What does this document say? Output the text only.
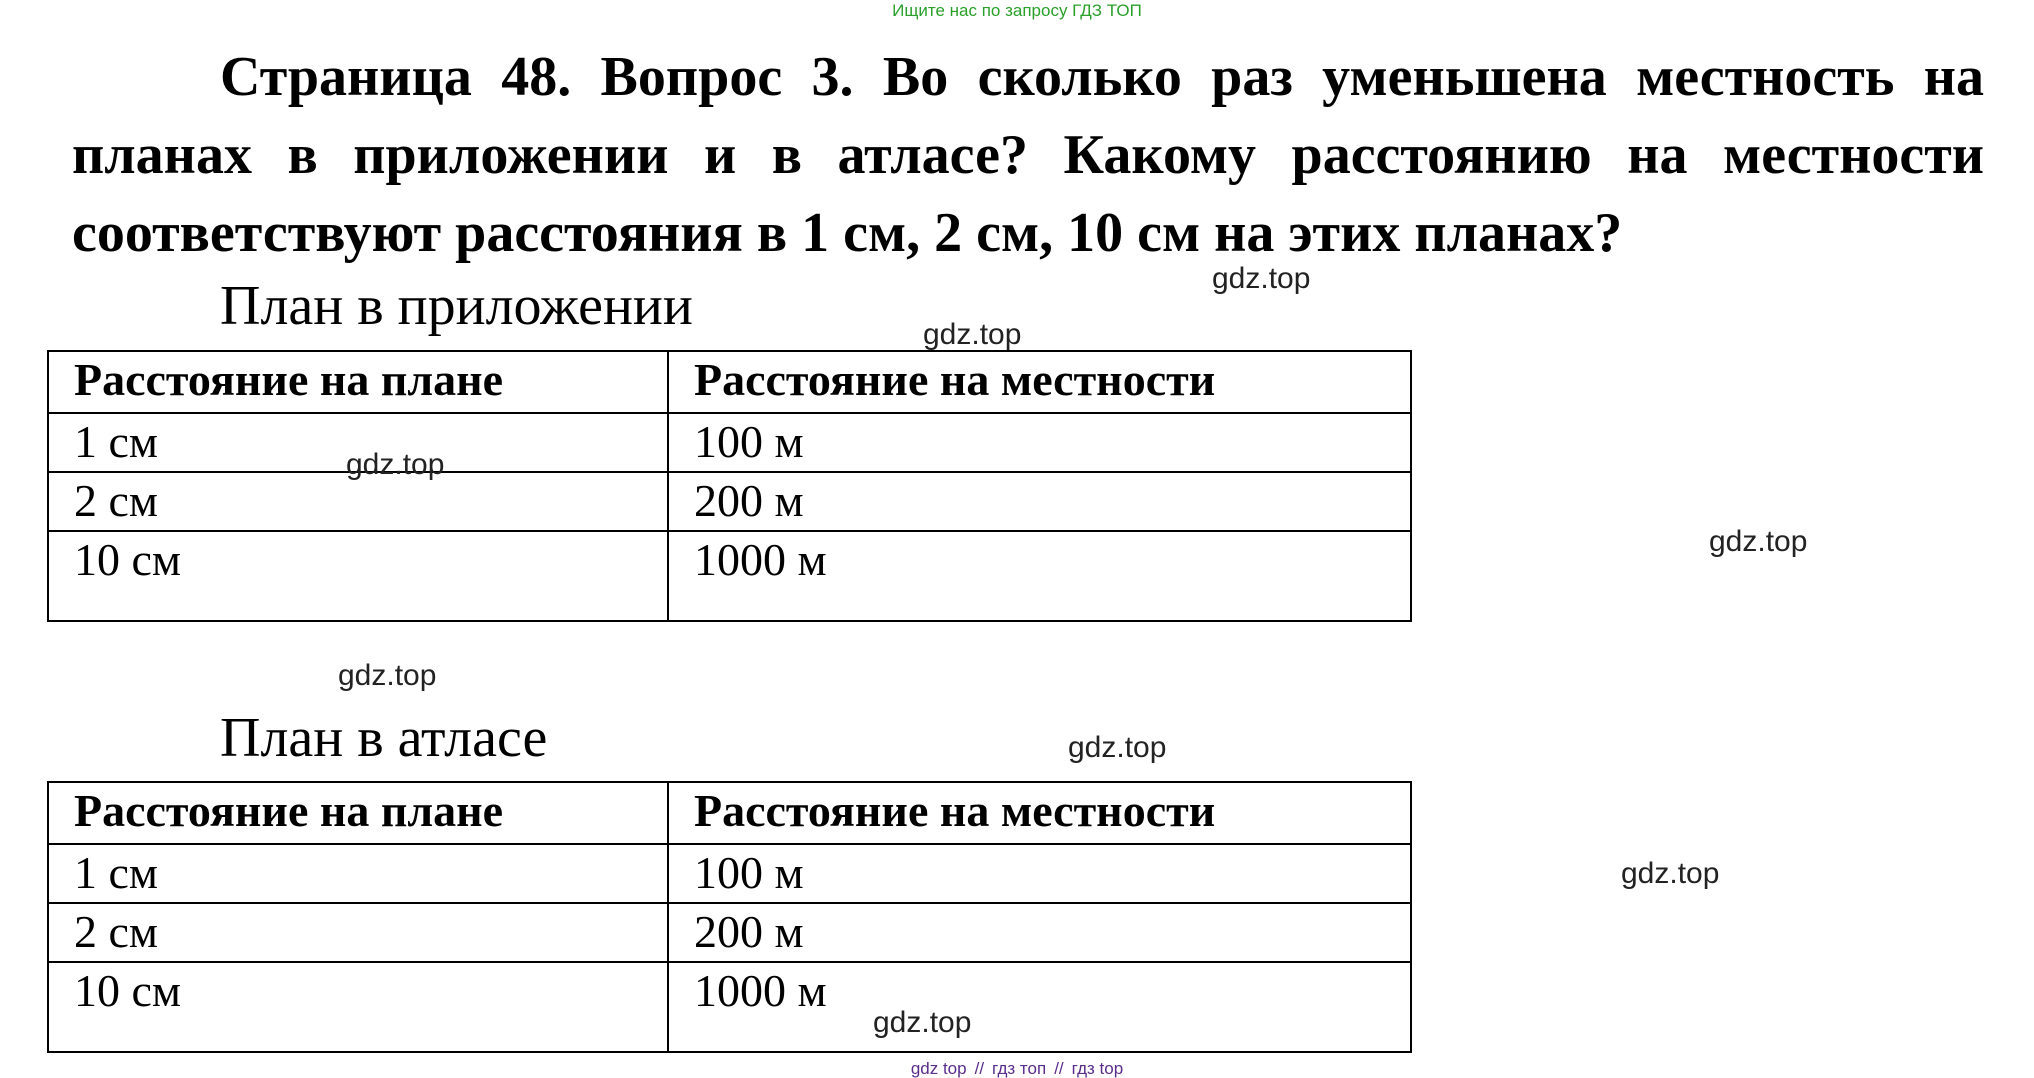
Ищите нас по запросу ГДЗ ТОП

Страница 48. Вопрос 3. Во сколько раз уменьшена местность на планах в приложении и в атласе? Какому расстоянию на местности соответствуют расстояния в 1 см, 2 см, 10 см на этих планах?

План в приложении
Расстояние на плане	Расстояние на местности
1 см	100 м
2 см	200 м
10 см	1000 м
План в атласе
Расстояние на плане	Расстояние на местности
1 см	100 м
2 см	200 м
10 см	1000 м
gdz.top
gdz.top
gdz.top
gdz.top
gdz.top
gdz.top
gdz.top
gdz.top
gdz top // гдз топ // гдз top
